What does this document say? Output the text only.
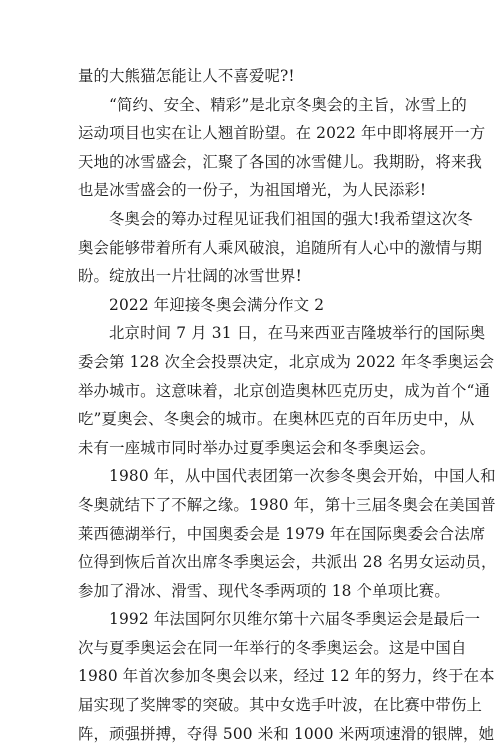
量的大熊猫怎能让人不喜爱呢?!
“简约、安全、精彩”是北京冬奥会的主旨，冰雪上的
运动项目也实在让人翘首盼望。在 2022 年中即将展开一方
天地的冰雪盛会，汇聚了各国的冰雪健儿。我期盼，将来我
也是冰雪盛会的一份子，为祖国增光，为人民添彩!
冬奥会的筹办过程见证我们祖国的强大!我希望这次冬
奥会能够带着所有人乘风破浪，追随所有人心中的激情与期
盼。绽放出一片壮阔的冰雪世界!
2022 年迎接冬奥会满分作文 2
北京时间 7 月 31 日，在马来西亚吉隆坡举行的国际奥
委会第 128 次全会投票决定，北京成为 2022 年冬季奥运会
举办城市。这意味着，北京创造奥林匹克历史，成为首个“通
吃”夏奥会、冬奥会的城市。在奥林匹克的百年历史中，从
未有一座城市同时举办过夏季奥运会和冬季奥运会。
1980 年，从中国代表团第一次参冬奥会开始，中国人和
冬奥就结下了不解之缘。1980 年，第十三届冬奥会在美国普
莱西德湖举行，中国奥委会是 1979 年在国际奥委会合法席
位得到恢后首次出席冬季奥运会，共派出 28 名男女运动员，
参加了滑冰、滑雪、现代冬季两项的 18 个单项比赛。
1992 年法国阿尔贝维尔第十六届冬季奥运会是最后一
次与夏季奥运会在同一年举行的冬季奥运会。这是中国自
1980 年首次参加冬奥会以来，经过 12 年的努力，终于在本
届实现了奖牌零的突破。其中女选手叶波，在比赛中带伤上
阵，顽强拼搏，夺得 500 米和 1000 米两项速滑的银牌，她
